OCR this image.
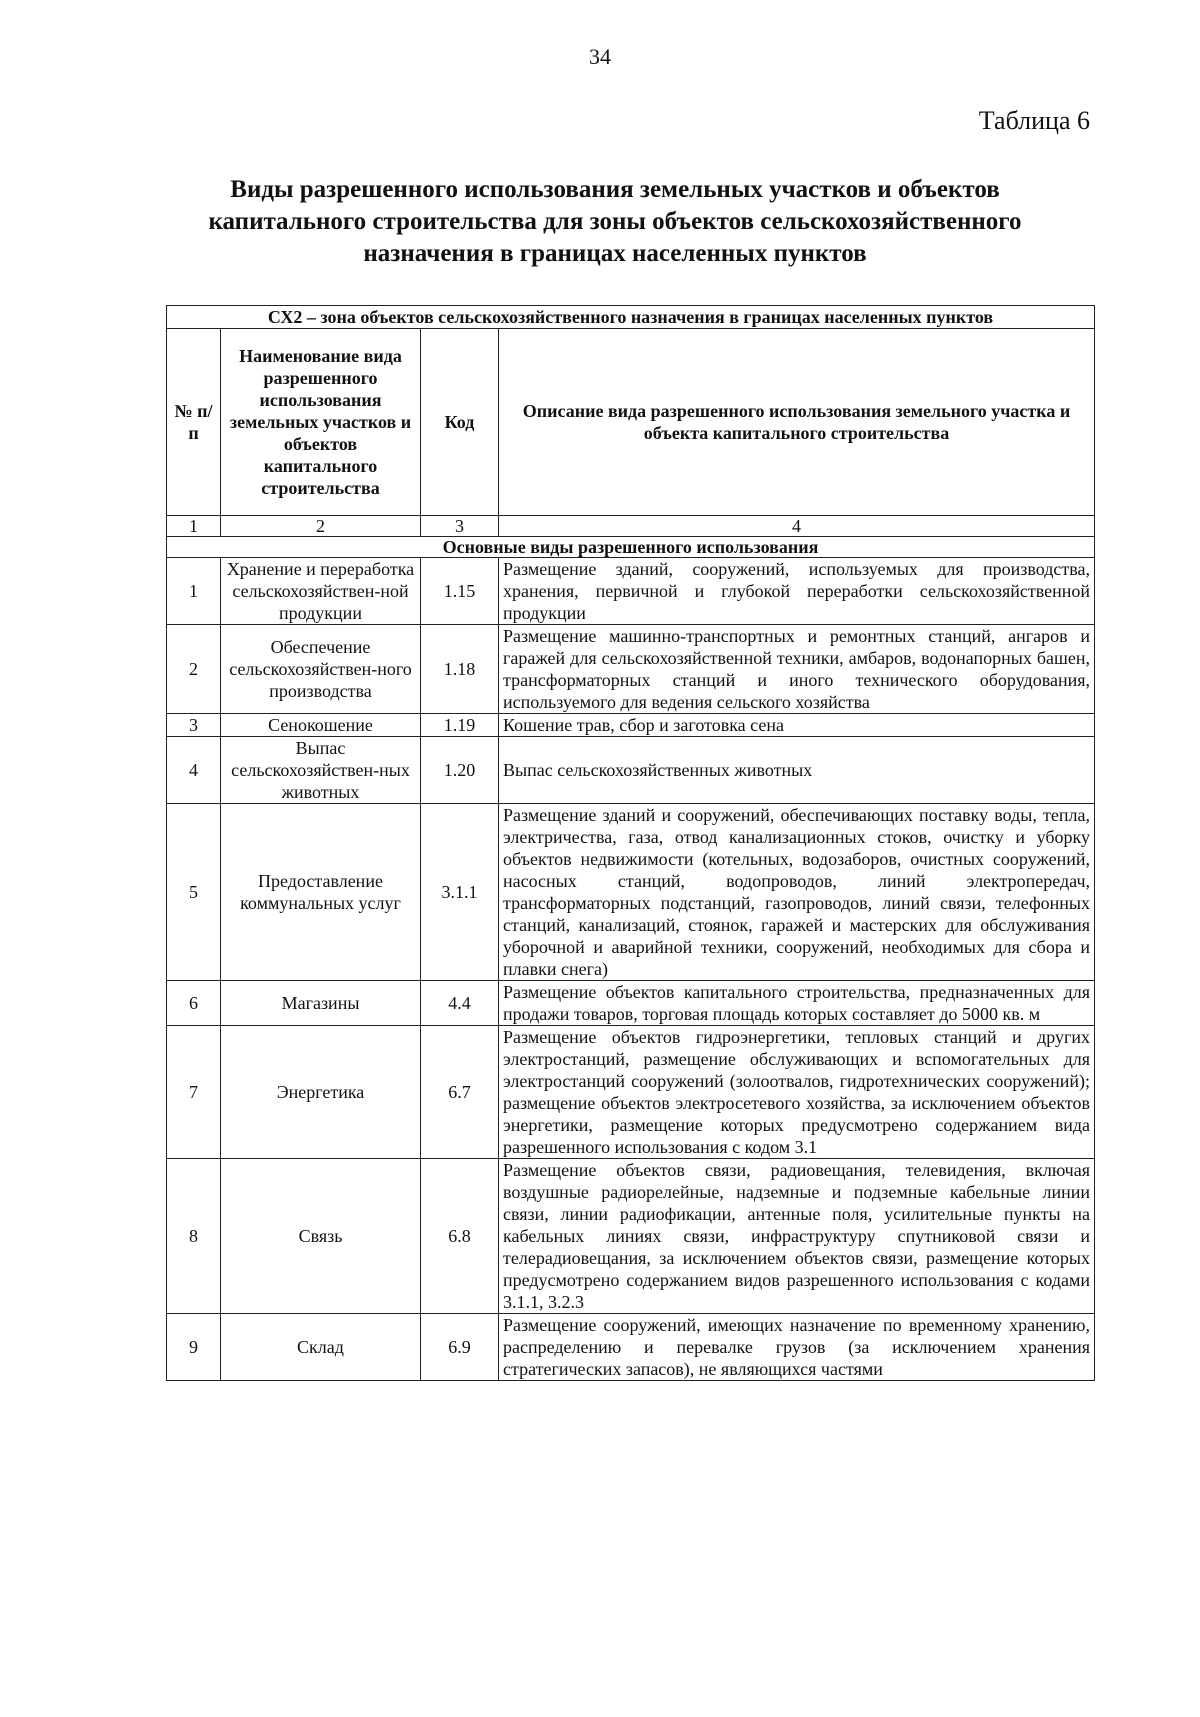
34
Таблица 6
Виды разрешенного использования земельных участков и объектов капитального строительства для зоны объектов сельскохозяйственного назначения в границах населенных пунктов
СХ2 – зона объектов сельскохозяйственного назначения в границах населенных пунктов			
№ п/п	Наименование вида разрешенного использования земельных участков и объектов капитального строительства	Код	Описание вида разрешенного использования земельного участка и объекта капитального строительства
1	2	3	4
Основные виды разрешенного использования			
1	Хранение и переработка сельскохозяйствен-ной продукции	1.15	Размещение зданий, сооружений, используемых для производства, хранения, первичной и глубокой переработки сельскохозяйственной продукции
2	Обеспечение сельскохозяйствен-ного производства	1.18	Размещение машинно-транспортных и ремонтных станций, ангаров и гаражей для сельскохозяйственной техники, амбаров, водонапорных башен, трансформаторных станций и иного технического оборудования, используемого для ведения сельского хозяйства
3	Сенокошение	1.19	Кошение трав, сбор и заготовка сена
4	Выпас сельскохозяйствен-ных животных	1.20	Выпас сельскохозяйственных животных
5	Предоставление коммунальных услуг	3.1.1	Размещение зданий и сооружений, обеспечивающих поставку воды, тепла, электричества, газа, отвод канализационных стоков, очистку и уборку объектов недвижимости (котельных, водозаборов, очистных сооружений, насосных станций, водопроводов, линий электропередач, трансформаторных подстанций, газопроводов, линий связи, телефонных станций, канализаций, стоянок, гаражей и мастерских для обслуживания уборочной и аварийной техники, сооружений, необходимых для сбора и плавки снега)
6	Магазины	4.4	Размещение объектов капитального строительства, предназначенных для продажи товаров, торговая площадь которых составляет до 5000 кв. м
7	Энергетика	6.7	Размещение объектов гидроэнергетики, тепловых станций и других электростанций, размещение обслуживающих и вспомогательных для электростанций сооружений (золоотвалов, гидротехнических сооружений); размещение объектов электросетевого хозяйства, за исключением объектов энергетики, размещение которых предусмотрено содержанием вида разрешенного использования с кодом 3.1
8	Связь	6.8	Размещение объектов связи, радиовещания, телевидения, включая воздушные радиорелейные, надземные и подземные кабельные линии связи, линии радиофикации, антенные поля, усилительные пункты на кабельных линиях связи, инфраструктуру спутниковой связи и телерадиовещания, за исключением объектов связи, размещение которых предусмотрено содержанием видов разрешенного использования с кодами 3.1.1, 3.2.3
9	Склад	6.9	Размещение сооружений, имеющих назначение по временному хранению, распределению и перевалке грузов (за исключением хранения стратегических запасов), не являющихся частями
